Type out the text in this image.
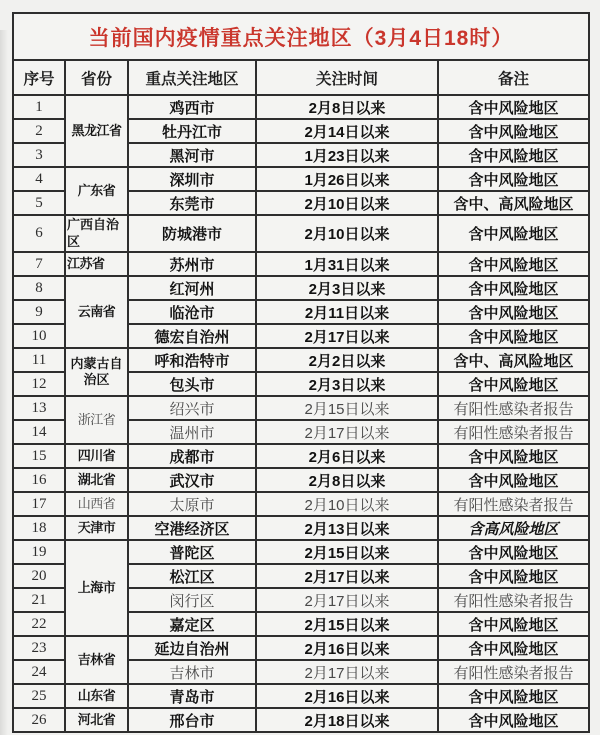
当前国内疫情重点关注地区（3月4日18时）				
序号	省份	重点关注地区	关注时间	备注
1	黑龙江省	鸡西市	2月8日以来	含中风险地区
2		牡丹江市	2月14日以来	含中风险地区
3		黑河市	1月23日以来	含中风险地区
4	广东省	深圳市	1月26日以来	含中风险地区
5		东莞市	2月10日以来	含中、高风险地区
6	广西自治区	防城港市	2月10日以来	含中风险地区
7	江苏省	苏州市	1月31日以来	含中风险地区
8	云南省	红河州	2月3日以来	含中风险地区
9		临沧市	2月11日以来	含中风险地区
10		德宏自治州	2月17日以来	含中风险地区
11	内蒙古自治区	呼和浩特市	2月2日以来	含中、高风险地区
12		包头市	2月3日以来	含中风险地区
13	浙江省	绍兴市	2月15日以来	有阳性感染者报告
14		温州市	2月17日以来	有阳性感染者报告
15	四川省	成都市	2月6日以来	含中风险地区
16	湖北省	武汉市	2月8日以来	含中风险地区
17	山西省	太原市	2月10日以来	有阳性感染者报告
18	天津市	空港经济区	2月13日以来	含高风险地区
19	上海市	普陀区	2月15日以来	含中风险地区
20		松江区	2月17日以来	含中风险地区
21		闵行区	2月17日以来	有阳性感染者报告
22		嘉定区	2月15日以来	含中风险地区
23	吉林省	延边自治州	2月16日以来	含中风险地区
24		吉林市	2月17日以来	有阳性感染者报告
25	山东省	青岛市	2月16日以来	含中风险地区
26	河北省	邢台市	2月18日以来	含中风险地区
